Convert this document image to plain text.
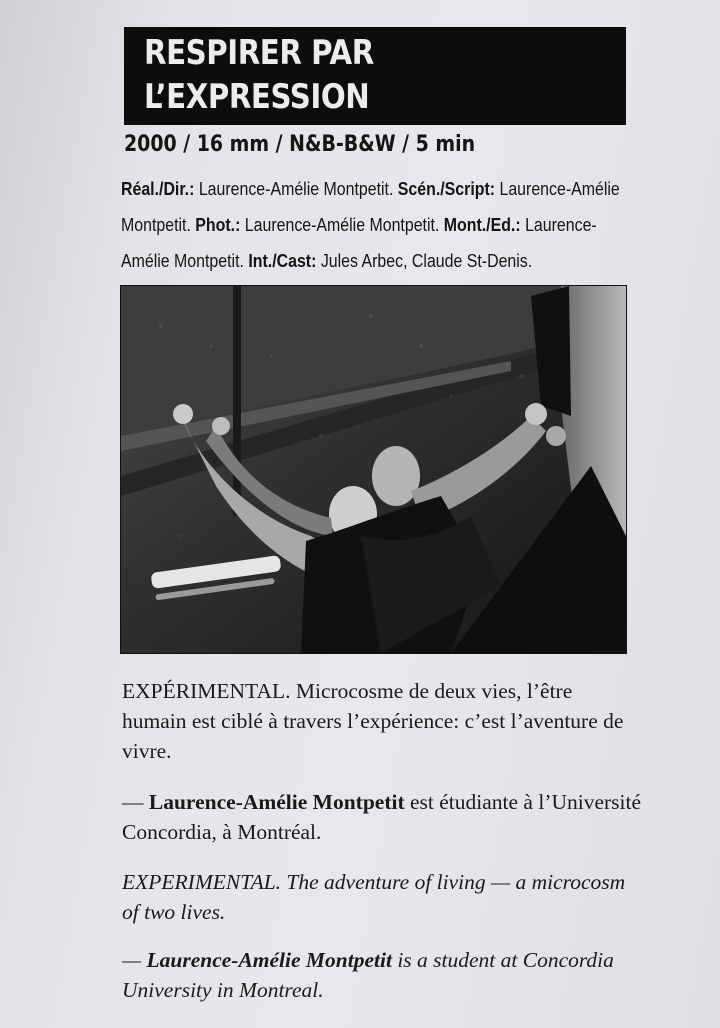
RESPIRER PAR
L’EXPRESSION
2000 / 16 mm / N&B-B&W / 5 min
Réal./Dir.: Laurence-Amélie Montpetit. Scén./Script: Laurence-Amélie Montpetit. Phot.: Laurence-Amélie Montpetit. Mont./Ed.: Laurence-Amélie Montpetit. Int./Cast: Jules Arbec, Claude St-Denis.
EXPÉRIMENTAL. Microcosme de deux vies, l’être humain est ciblé à travers l’expérience: c’est l’aventure de vivre.
— Laurence-Amélie Montpetit est étudiante à l’Université Concordia, à Montréal.
EXPERIMENTAL. The adventure of living — a microcosm of two lives.
— Laurence-Amélie Montpetit is a student at Concordia University in Montreal.
